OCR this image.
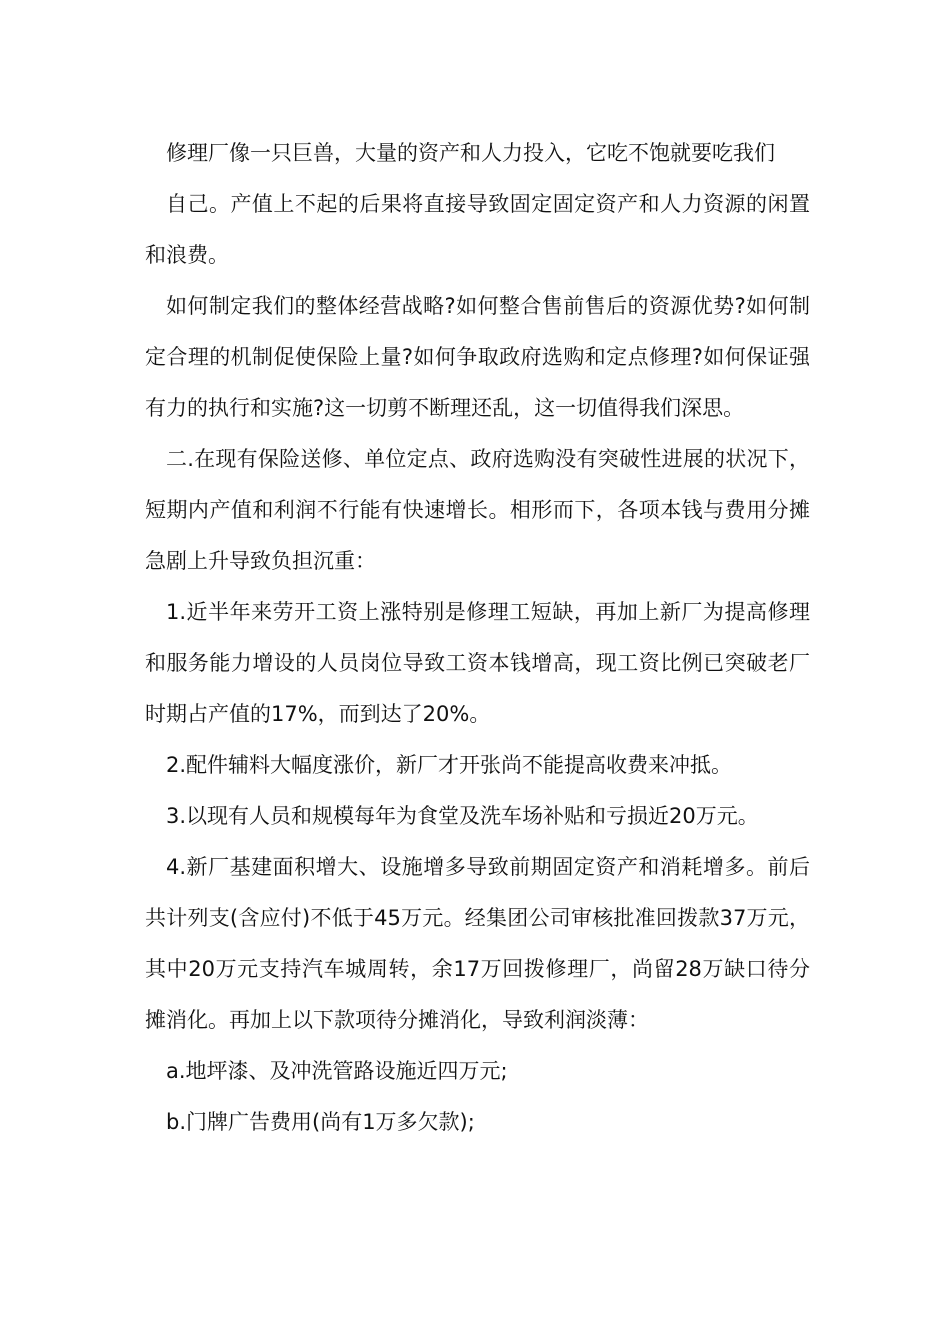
修理厂像一只巨兽，大量的资产和人力投入，它吃不饱就要吃我们

自己。产值上不起的后果将直接导致固定固定资产和人力资源的闲置和浪费。

如何制定我们的整体经营战略?如何整合售前售后的资源优势?如何制定合理的机制促使保险上量?如何争取政府选购和定点修理?如何保证强有力的执行和实施?这一切剪不断理还乱，这一切值得我们深思。

二.在现有保险送修、单位定点、政府选购没有突破性进展的状况下，短期内产值和利润不行能有快速增长。相形而下，各项本钱与费用分摊急剧上升导致负担沉重：

1.近半年来劳开工资上涨特别是修理工短缺，再加上新厂为提高修理和服务能力增设的人员岗位导致工资本钱增高，现工资比例已突破老厂时期占产值的17%，而到达了20%。

2.配件辅料大幅度涨价，新厂才开张尚不能提高收费来冲抵。

3.以现有人员和规模每年为食堂及洗车场补贴和亏损近20万元。

4.新厂基建面积增大、设施增多导致前期固定资产和消耗增多。前后共计列支(含应付)不低于45万元。经集团公司审核批准回拨款37万元，其中20万元支持汽车城周转，余17万回拨修理厂，尚留28万缺口待分摊消化。再加上以下款项待分摊消化，导致利润淡薄：

a.地坪漆、及冲洗管路设施近四万元;

b.门牌广告费用(尚有1万多欠款);
